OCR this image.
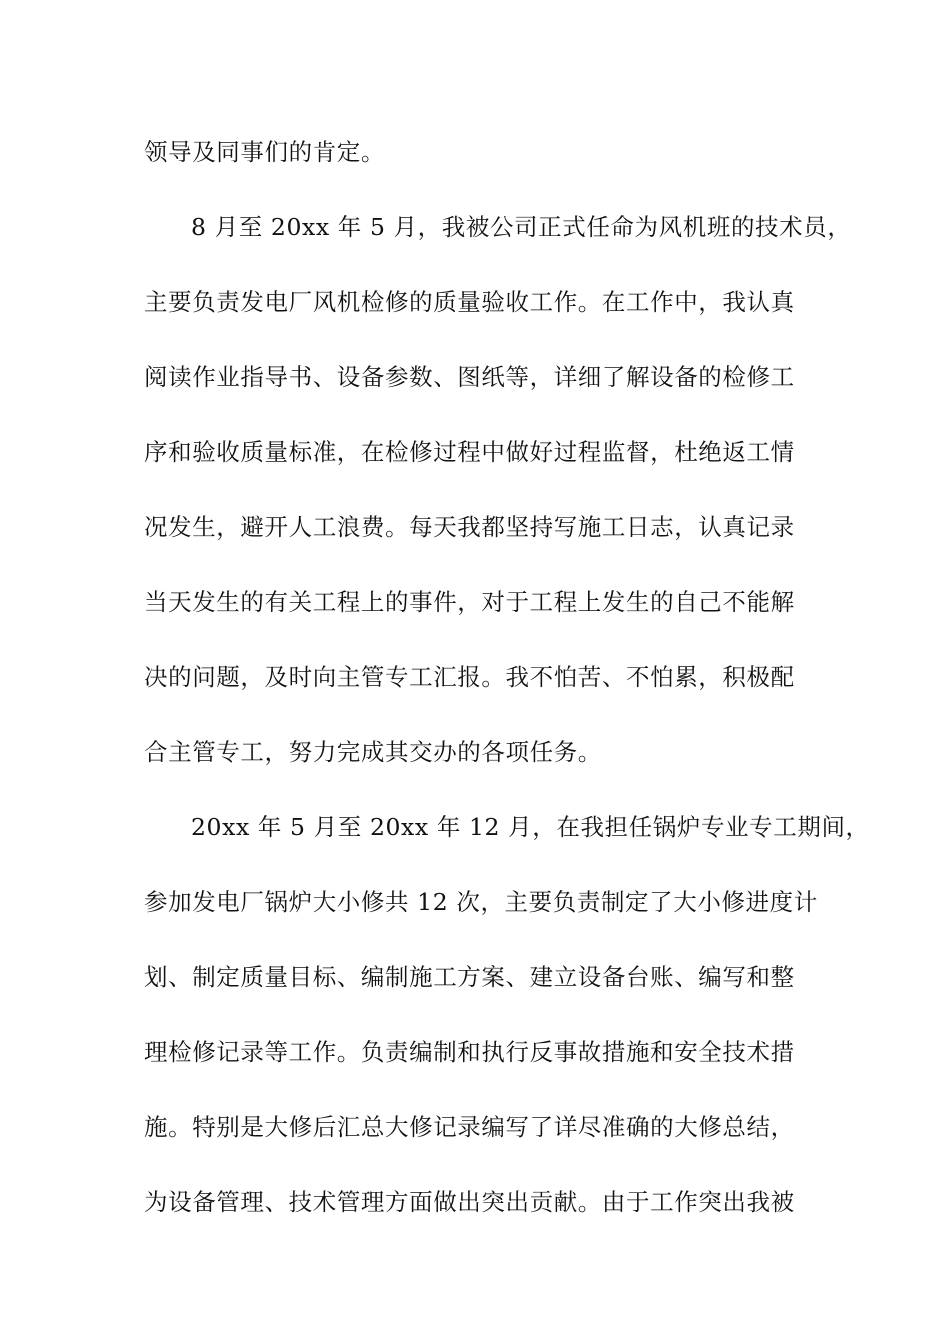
领导及同事们的肯定。
8 月至 20xx 年 5 月，我被公司正式任命为风机班的技术员，
主要负责发电厂风机检修的质量验收工作。在工作中，我认真
阅读作业指导书、设备参数、图纸等，详细了解设备的检修工
序和验收质量标准，在检修过程中做好过程监督，杜绝返工情
况发生，避开人工浪费。每天我都坚持写施工日志，认真记录
当天发生的有关工程上的事件，对于工程上发生的自己不能解
决的问题，及时向主管专工汇报。我不怕苦、不怕累，积极配
合主管专工，努力完成其交办的各项任务。
20xx 年 5 月至 20xx 年 12 月，在我担任锅炉专业专工期间，
参加发电厂锅炉大小修共 12 次，主要负责制定了大小修进度计
划、制定质量目标、编制施工方案、建立设备台账、编写和整
理检修记录等工作。负责编制和执行反事故措施和安全技术措
施。特别是大修后汇总大修记录编写了详尽准确的大修总结，
为设备管理、技术管理方面做出突出贡献。由于工作突出我被
